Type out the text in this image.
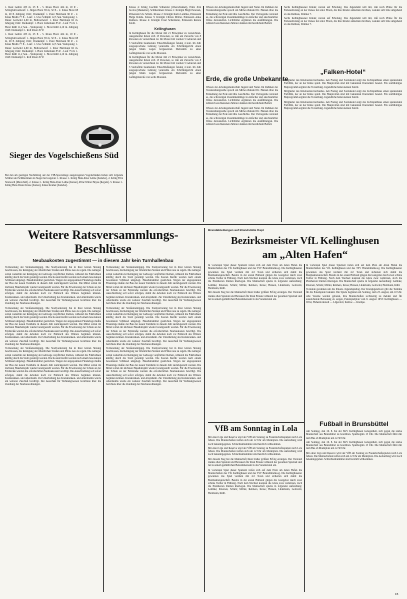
1. Reut Gehrtz 435 m, 23 P. - 5. Klaus Horst 424 m, 19 P. - Schlagballweitwurf: 1. Jürgen Horst 83 m, 32 P. - 2. Klaus Horst 68 m, 29 P. Jahrgang 1941: Dreikampf: 1. Peter Hartmann 90 P. - 2. Klaus Bruhn 77 P. - Lauf: 1. Uwe Schmidt 12,5 Sek. Weitsprung: 1. Dieter Gottwald 4,60 m. Ballweitwurf: 1. Peter Hartmann 62 m. Jahrgang 1942: Dreikampf: 1. Horst Lüdemann 85 P. - Lauf 75 m: 1. Horst Kühl 11,2 Sek. - Weitsprung: 1. Horst Kühl 4,10 m. Jahrgang 1943: Dreikampf: 1. Rolf Peters 67 P.

1. Reut Gehrtz 435 m, 23 P. - 5. Klaus Horst 424 m, 19 P. - Schlagballweitwurf: 1. Jürgen Horst 83 m, 32 P. - 2. Klaus Horst 68 m, 29 P. Jahrgang 1941: Dreikampf: 1. Peter Hartmann 90 P. - 2. Klaus Bruhn 77 P. - Lauf: 1. Uwe Schmidt 12,5 Sek. Weitsprung: 1. Dieter Gottwald 4,60 m. Ballweitwurf: 1. Peter Hartmann 62 m. Jahrgang 1942: Dreikampf: 1. Horst Lüdemann 85 P. - Lauf 75 m: 1. Horst Kühl 11,2 Sek. - Weitsprung: 1. Horst Kühl 4,10 m. Jahrgang 1943: Dreikampf: 1. Rolf Peters 67 P.

Sieger des Vogelschießens Süd

Bei den am gestrigen Nachmittag auf der VfB-Sportanlage ausgetragenen Vogelschießen haben sich folgende Schüler und Schülerinnen als Sieger hervorgetan: 1. Klasse: 1. König Hans-Peter Lehne (Kanzler), 2. König Fritz Stranosch (Marschall). 2. Klasse: 1. König Hans-Peter Lehne (Kaiser), Prinz Walter Heyse (Regent). 3. Klasse: 1. König Hans Dieter Kruse (Kaiser), Klaus Kramer (Kanzler).

Klasse 4: König Joachim Schneider (Oberschenkel), Prinz Jörn Jacobs (Musketier). Schülerinnen: Klasse 1: Königin Birgit Petersen, Prinzessin Ute Schulz. Klasse 2: Königin Karin Lembke, Prinzessin Helga Rohde. Klasse 3: Königin Christa Möller, Prinzessin Anke Reimers. Klasse 4: Königin Ursel Scharmann, Prinzessin Renate Kloth.

Kellinghusen

In Kellinghusen für die Monat Juli 21 Einwohner zu verzeichnen. Ausgemeldet haben sich 13 Personen, so daß ein Zuwachs von 8 Personen zu verzeichnen ist. Im Monat Juli wurden 5 Geburten und 3 Sterbefälle beurkundet. Eheschließungen fanden 4 statt. Im Jahr ausgesprochene Lehrung verurteilte ein Schöffengericht einen jungen Mann wegen fortgesetzten Diebstahls zu einer Gefängnisstrafe von sechs Monaten.

In Kellinghusen für die Monat Juli 21 Einwohner zu verzeichnen. Ausgemeldet haben sich 13 Personen, so daß ein Zuwachs von 8 Personen zu verzeichnen ist. Im Monat Juli wurden 5 Geburten und 3 Sterbefälle beurkundet. Eheschließungen fanden 4 statt. Im Jahr ausgesprochene Lehrung verurteilte ein Schöffengericht einen jungen Mann wegen fortgesetzten Diebstahls zu einer Gefängnisstrafe von sechs Monaten.

Wissen der Arbeitsgemeinschaft Jugend und Natur. Im Rahmen der Veranstaltungsreihe sprach am Mittwochabend Dr. Hansen über die Entstehung der Erde und ihre Geschichte. Der Vortragende verstand es, die schwierigen Zusammenhänge in einfacher und anschaulicher Weise darzustellen. Lichtbilder ergänzten die Ausführungen. Die zahlreich erschienenen Zuhörer dankten mit herzlichem Beifall.

Erde, die große Unbekannte

Wissen der Arbeitsgemeinschaft Jugend und Natur. Im Rahmen der Veranstaltungsreihe sprach am Mittwochabend Dr. Hansen über die Entstehung der Erde und ihre Geschichte. Der Vortragende verstand es, die schwierigen Zusammenhänge in einfacher und anschaulicher Weise darzustellen. Lichtbilder ergänzten die Ausführungen. Die zahlreich erschienenen Zuhörer dankten mit herzlichem Beifall.

Wissen der Arbeitsgemeinschaft Jugend und Natur. Im Rahmen der Veranstaltungsreihe sprach am Mittwochabend Dr. Hansen über die Entstehung der Erde und ihre Geschichte. Der Vortragende verstand es, die schwierigen Zusammenhänge in einfacher und anschaulicher Weise darzustellen. Lichtbilder ergänzten die Ausführungen. Die zahlreich erschienenen Zuhörer dankten mit herzlichem Beifall.

Sechs Kellinghusener Kinder warten auf Erholung. Das Jugendamt teilt mit, daß noch Plätze für die Ferienerholung an der Ostsee frei sind. Eltern, die ihre Kinder anmelden möchten, wenden sich bitte umgehend an das Rathaus, Zimmer 7.

Sechs Kellinghusener Kinder warten auf Erholung. Das Jugendamt teilt mit, daß noch Plätze für die Ferienerholung an der Ostsee frei sind. Eltern, die ihre Kinder anmelden möchten, wenden sich bitte umgehend an das Rathaus, Zimmer 7.

„Falken-Hotel“

Mitglieder des Kinobesitzerverbandes. Am Freitag und Sonnabend zeigt das Lichtspielhaus einen spannenden Farbfilm, der an der Küste spielt. Die Hauptrollen sind mit bekannten Darstellern besetzt. Ein reichhaltiges Beiprogramm ergänzt die Vorstellung. Jugendliche haben keinen Zutritt.

Mitglieder des Kinobesitzerverbandes. Am Freitag und Sonnabend zeigt das Lichtspielhaus einen spannenden Farbfilm, der an der Küste spielt. Die Hauptrollen sind mit bekannten Darstellern besetzt. Ein reichhaltiges Beiprogramm ergänzt die Vorstellung. Jugendliche haben keinen Zutritt.

Mitglieder des Kinobesitzerverbandes. Am Freitag und Sonnabend zeigt das Lichtspielhaus einen spannenden Farbfilm, der an der Küste spielt. Die Hauptrollen sind mit bekannten Darstellern besetzt. Ein reichhaltiges Beiprogramm ergänzt die Vorstellung. Jugendliche haben keinen Zutritt.

Weitere Ratsversammlungs-Beschlüsse
Neubaukosten zugestimmt — in diesem Jahr kein Turnhallenbau

Vorbereitung der Straßenreinigung. Die Stadtvertretung hat in ihrer letzten Sitzung beschlossen, die Reinigung der öffentlichen Straßen und Plätze neu zu regeln. Die Anlieger sollen weiterhin zur Reinigung der Gehwege verpflichtet bleiben, während die Fahrbahnen künftig durch die Stadt gereinigt werden. Die Kosten hierfür werden nach einem besonderen Schlüssel umgelegt. Haushaltsmittel gestrichen. Wegen der angespannten Finanzlage mußte der Bau der neuen Turnhalle in diesem Jahr zurückgestellt werden. Die Mittel sollen im nächsten Haushaltsjahr wieder bereitgestellt werden. Für die Erweiterung der Schule an der Feldstraße wurden die erforderlichen Neubaukosten bewilligt. Die Ausschreibung soll sofort erfolgen, damit die Arbeiten noch vor Einbruch des Winters beginnen können. Kreiskranken- und Altersheim. Zur Unterhaltung des Kreiskranken- und Altersheims wurde ein weiterer Zuschuß bewilligt. Der Ausschuß für Wohnungswesen berichtete über die Zuteilung der Neubauwohnungen.

Vorbereitung der Straßenreinigung. Die Stadtvertretung hat in ihrer letzten Sitzung beschlossen, die Reinigung der öffentlichen Straßen und Plätze neu zu regeln. Die Anlieger sollen weiterhin zur Reinigung der Gehwege verpflichtet bleiben, während die Fahrbahnen künftig durch die Stadt gereinigt werden. Die Kosten hierfür werden nach einem besonderen Schlüssel umgelegt. Haushaltsmittel gestrichen. Wegen der angespannten Finanzlage mußte der Bau der neuen Turnhalle in diesem Jahr zurückgestellt werden. Die Mittel sollen im nächsten Haushaltsjahr wieder bereitgestellt werden. Für die Erweiterung der Schule an der Feldstraße wurden die erforderlichen Neubaukosten bewilligt. Die Ausschreibung soll sofort erfolgen, damit die Arbeiten noch vor Einbruch des Winters beginnen können. Kreiskranken- und Altersheim. Zur Unterhaltung des Kreiskranken- und Altersheims wurde ein weiterer Zuschuß bewilligt. Der Ausschuß für Wohnungswesen berichtete über die Zuteilung der Neubauwohnungen.

Vorbereitung der Straßenreinigung. Die Stadtvertretung hat in ihrer letzten Sitzung beschlossen, die Reinigung der öffentlichen Straßen und Plätze neu zu regeln. Die Anlieger sollen weiterhin zur Reinigung der Gehwege verpflichtet bleiben, während die Fahrbahnen künftig durch die Stadt gereinigt werden. Die Kosten hierfür werden nach einem besonderen Schlüssel umgelegt. Haushaltsmittel gestrichen. Wegen der angespannten Finanzlage mußte der Bau der neuen Turnhalle in diesem Jahr zurückgestellt werden. Die Mittel sollen im nächsten Haushaltsjahr wieder bereitgestellt werden. Für die Erweiterung der Schule an der Feldstraße wurden die erforderlichen Neubaukosten bewilligt. Die Ausschreibung soll sofort erfolgen, damit die Arbeiten noch vor Einbruch des Winters beginnen können. Kreiskranken- und Altersheim. Zur Unterhaltung des Kreiskranken- und Altersheims wurde ein weiterer Zuschuß bewilligt. Der Ausschuß für Wohnungswesen berichtete über die Zuteilung der Neubauwohnungen.

Vorbereitung der Straßenreinigung. Die Stadtvertretung hat in ihrer letzten Sitzung beschlossen, die Reinigung der öffentlichen Straßen und Plätze neu zu regeln. Die Anlieger sollen weiterhin zur Reinigung der Gehwege verpflichtet bleiben, während die Fahrbahnen künftig durch die Stadt gereinigt werden. Die Kosten hierfür werden nach einem besonderen Schlüssel umgelegt. Haushaltsmittel gestrichen. Wegen der angespannten Finanzlage mußte der Bau der neuen Turnhalle in diesem Jahr zurückgestellt werden. Die Mittel sollen im nächsten Haushaltsjahr wieder bereitgestellt werden. Für die Erweiterung der Schule an der Feldstraße wurden die erforderlichen Neubaukosten bewilligt. Die Ausschreibung soll sofort erfolgen, damit die Arbeiten noch vor Einbruch des Winters beginnen können. Kreiskranken- und Altersheim. Zur Unterhaltung des Kreiskranken- und Altersheims wurde ein weiterer Zuschuß bewilligt. Der Ausschuß für Wohnungswesen berichtete über die Zuteilung der Neubauwohnungen.

Vorbereitung der Straßenreinigung. Die Stadtvertretung hat in ihrer letzten Sitzung beschlossen, die Reinigung der öffentlichen Straßen und Plätze neu zu regeln. Die Anlieger sollen weiterhin zur Reinigung der Gehwege verpflichtet bleiben, während die Fahrbahnen künftig durch die Stadt gereinigt werden. Die Kosten hierfür werden nach einem besonderen Schlüssel umgelegt. Haushaltsmittel gestrichen. Wegen der angespannten Finanzlage mußte der Bau der neuen Turnhalle in diesem Jahr zurückgestellt werden. Die Mittel sollen im nächsten Haushaltsjahr wieder bereitgestellt werden. Für die Erweiterung der Schule an der Feldstraße wurden die erforderlichen Neubaukosten bewilligt. Die Ausschreibung soll sofort erfolgen, damit die Arbeiten noch vor Einbruch des Winters beginnen können. Kreiskranken- und Altersheim. Zur Unterhaltung des Kreiskranken- und Altersheims wurde ein weiterer Zuschuß bewilligt. Der Ausschuß für Wohnungswesen berichtete über die Zuteilung der Neubauwohnungen.

Vorbereitung der Straßenreinigung. Die Stadtvertretung hat in ihrer letzten Sitzung beschlossen, die Reinigung der öffentlichen Straßen und Plätze neu zu regeln. Die Anlieger sollen weiterhin zur Reinigung der Gehwege verpflichtet bleiben, während die Fahrbahnen künftig durch die Stadt gereinigt werden. Die Kosten hierfür werden nach einem besonderen Schlüssel umgelegt. Haushaltsmittel gestrichen. Wegen der angespannten Finanzlage mußte der Bau der neuen Turnhalle in diesem Jahr zurückgestellt werden. Die Mittel sollen im nächsten Haushaltsjahr wieder bereitgestellt werden. Für die Erweiterung der Schule an der Feldstraße wurden die erforderlichen Neubaukosten bewilligt. Die Ausschreibung soll sofort erfolgen, damit die Arbeiten noch vor Einbruch des Winters beginnen können. Kreiskranken- und Altersheim. Zur Unterhaltung des Kreiskranken- und Altersheims wurde ein weiterer Zuschuß bewilligt. Der Ausschuß für Wohnungswesen berichtete über die Zuteilung der Neubauwohnungen.

Brandabteilungen auf Brandstätte Kapt
Bezirksmeister VfL Kellinghusen
am „Alten Hafen“

In vorletzten Spiel dieser Spielzeit trafen sich auf dem Platz am Alten Hafen die Mannschaften des VfL Kellinghusen und des TSV Brunsbüttelkoog. Die Kellinghusener gewannen das Spiel verdient mit 4:2 Toren und sicherten sich damit die Bezirksmeisterschaft. Bereits in der ersten Halbzeit gingen die Gastgeber durch zwei schöne Treffer in Führung. Nach dem Wechsel konnten die Gäste zwar verkürzen, doch die Platzherren blieben überlegen. Die Mannschaft spielte in folgender Aufstellung: Lembke; Petersen, Schulz; Möller, Reimers, Kruse; Hansen, Lüdemann, Gottwald, Hartmann, Kühl.

Mit diesem Sieg hat die Mannschaft ihren bisher größten Erfolg errungen. Der Vorstand dankte allen Spielern und Betreuern für ihren Einsatz während der gesamten Spielzeit und lud zu einem gemütlichen Beisammensein in das Vereinslokal ein.

In vorletzten Spiel dieser Spielzeit trafen sich auf dem Platz am Alten Hafen die Mannschaften des VfL Kellinghusen und des TSV Brunsbüttelkoog. Die Kellinghusener gewannen das Spiel verdient mit 4:2 Toren und sicherten sich damit die Bezirksmeisterschaft. Bereits in der ersten Halbzeit gingen die Gastgeber durch zwei schöne Treffer in Führung. Nach dem Wechsel konnten die Gäste zwar verkürzen, doch die Platzherren blieben überlegen. Die Mannschaft spielte in folgender Aufstellung: Lembke; Petersen, Schulz; Möller, Reimers, Kruse; Hansen, Lüdemann, Gottwald, Hartmann, Kühl.

Vorrunde gewinnen um die Pokale. Jugendspieltag. Der Kreisjugendwart gibt die Termine für die Pokalspiele bekannt. Die Spiele beginnen am Sonntag, dem 23. August, um 10 Uhr. Alle Vereine werden gebeten, ihre Mannschaften rechtzeitig zu melden und für ausreichende Betreuung zu sorgen. Pokalspielplan vom 9. August 1953: Kellinghusen — Wrist, Hohenlockstedt — Lägerdorf, Itzehoe — Krempe.

VfB am Sonntag in Lola

Mit einer Liga und Reserve wird der VfB am Sonntag zu Freundschaftsspielen nach Lola fahren. Die Mannschaften treffen sich um 12 Uhr am Marktplatz. Die Aufstellung wird noch bekanntgegeben. Schlachtenbummler sind herzlich willkommen.

Mit einer Liga und Reserve wird der VfB am Sonntag zu Freundschaftsspielen nach Lola fahren. Die Mannschaften treffen sich um 12 Uhr am Marktplatz. Die Aufstellung wird noch bekanntgegeben. Schlachtenbummler sind herzlich willkommen.

Mit diesem Sieg hat die Mannschaft ihren bisher größten Erfolg errungen. Der Vorstand dankte allen Spielern und Betreuern für ihren Einsatz während der gesamten Spielzeit und lud zu einem gemütlichen Beisammensein in das Vereinslokal ein.

In vorletzten Spiel dieser Spielzeit trafen sich auf dem Platz am Alten Hafen die Mannschaften des VfL Kellinghusen und des TSV Brunsbüttelkoog. Die Kellinghusener gewannen das Spiel verdient mit 4:2 Toren und sicherten sich damit die Bezirksmeisterschaft. Bereits in der ersten Halbzeit gingen die Gastgeber durch zwei schöne Treffer in Führung. Nach dem Wechsel konnten die Gäste zwar verkürzen, doch die Platzherren blieben überlegen. Die Mannschaft spielte in folgender Aufstellung: Lembke; Petersen, Schulz; Möller, Reimers, Kruse; Hansen, Lüdemann, Gottwald, Hartmann, Kühl.

Fußball in Brunsbüttel

Am Sonntag, den 16. 8. hat der SKV Kellinghusen Gelegenheit, sich gegen die starke Mannschaft aus Brunsbüttel zu bewähren. Spielbeginn 15 Uhr. Die Mannschaft fährt mit dem Bus ab Marktplatz um 12.30 Uhr.

Am Sonntag, den 16. 8. hat der SKV Kellinghusen Gelegenheit, sich gegen die starke Mannschaft aus Brunsbüttel zu bewähren. Spielbeginn 15 Uhr. Die Mannschaft fährt mit dem Bus ab Marktplatz um 12.30 Uhr.

Mit einer Liga und Reserve wird der VfB am Sonntag zu Freundschaftsspielen nach Lola fahren. Die Mannschaften treffen sich um 12 Uhr am Marktplatz. Die Aufstellung wird noch bekanntgegeben. Schlachtenbummler sind herzlich willkommen.

15
